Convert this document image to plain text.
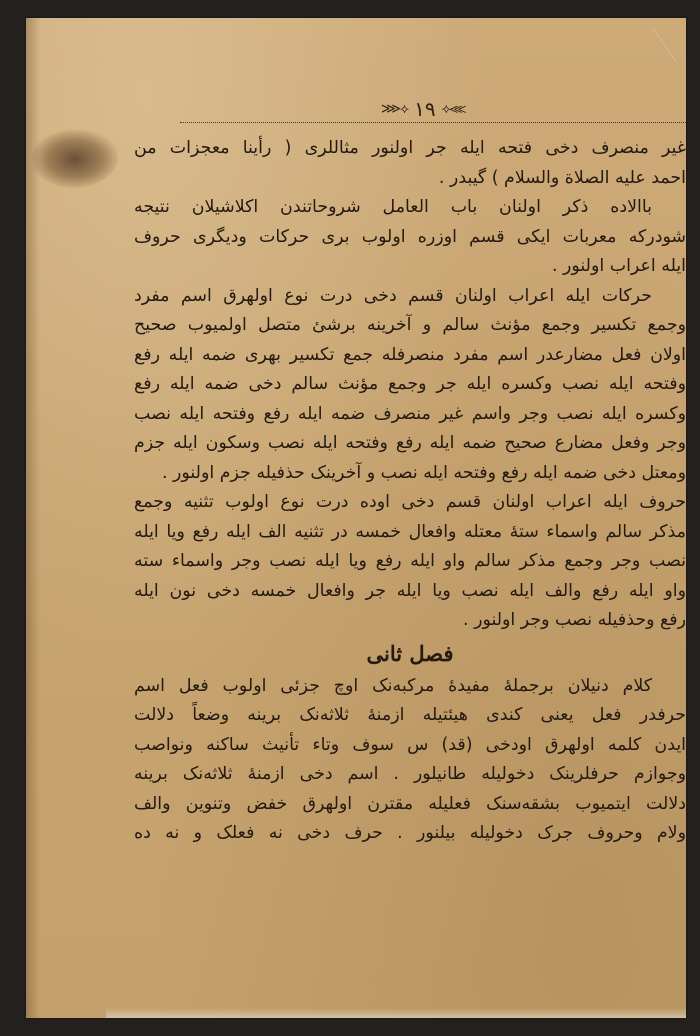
⋙⟡ ١٩ ⟡⋘
غیر منصرف دخی فتحه ایله جر اولنور مثاللری ( رأینا معجزات من
احمد علیه الصلاة والسلام ) گیبدر .
باالاده ذکر اولنان باب العامل شروحاتندن اکلاشیلان نتیجه
شودرکه معربات ایکی قسم اوزره اولوب بری حرکات ودیگری حروف
ایله اعراب اولنور .
حرکات ایله اعراب اولنان قسم دخی درت نوع اولهرق اسم مفرد
وجمع تکسیر وجمع مؤنث سالم و آخرینه برشئ متصل اولمیوب صحیح
اولان فعل مضارعدر اسم مفرد منصرفله جمع تکسیر بهری ضمه ایله رفع
وفتحه ایله نصب وکسره ایله جر وجمع مؤنث سالم دخی ضمه ایله رفع
وکسره ایله نصب وجر واسم غیر منصرف ضمه ایله رفع وفتحه ایله نصب
وجر وفعل مضارع صحیح ضمه ایله رفع وفتحه ایله نصب وسکون ایله جزم
ومعتل دخی ضمه ایله رفع وفتحه ایله نصب و آخرینک حذفیله جزم اولنور .
حروف ایله اعراب اولنان قسم دخی اوده درت نوع اولوب تثنیه وجمع
مذکر سالم واسماء ستهٔ معتله وافعال خمسه در تثنیه الف ایله رفع ویا ایله
نصب وجر وجمع مذکر سالم واو ایله رفع ویا ایله نصب وجر واسماء سته
واو ایله رفع والف ایله نصب ویا ایله جر وافعال خمسه دخی نون ایله
رفع وحذفیله نصب وجر اولنور .
فصل ثانی
کلام دنیلان برجملهٔ مفیدهٔ مرکبه‌نک اوچ جزئی اولوب فعل اسم
حرفدر فعل یعنی کندی هیئتیله ازمنهٔ ثلاثه‌نک برینه وضعاً دلالت
ایدن کلمه اولهرق اودخی (قد) س سوف وتاء تأنیث ساکنه ونواصب
وجوازم حرفلرینک دخولیله طانیلور . اسم دخی ازمنهٔ ثلاثه‌نک برینه
دلالت ایتمیوب بشقه‌سنک فعلیله مقترن اولهرق خفض وتنوین والف
ولام وحروف جرک دخولیله بیلنور . حرف دخی نه فعلک و نه ده
